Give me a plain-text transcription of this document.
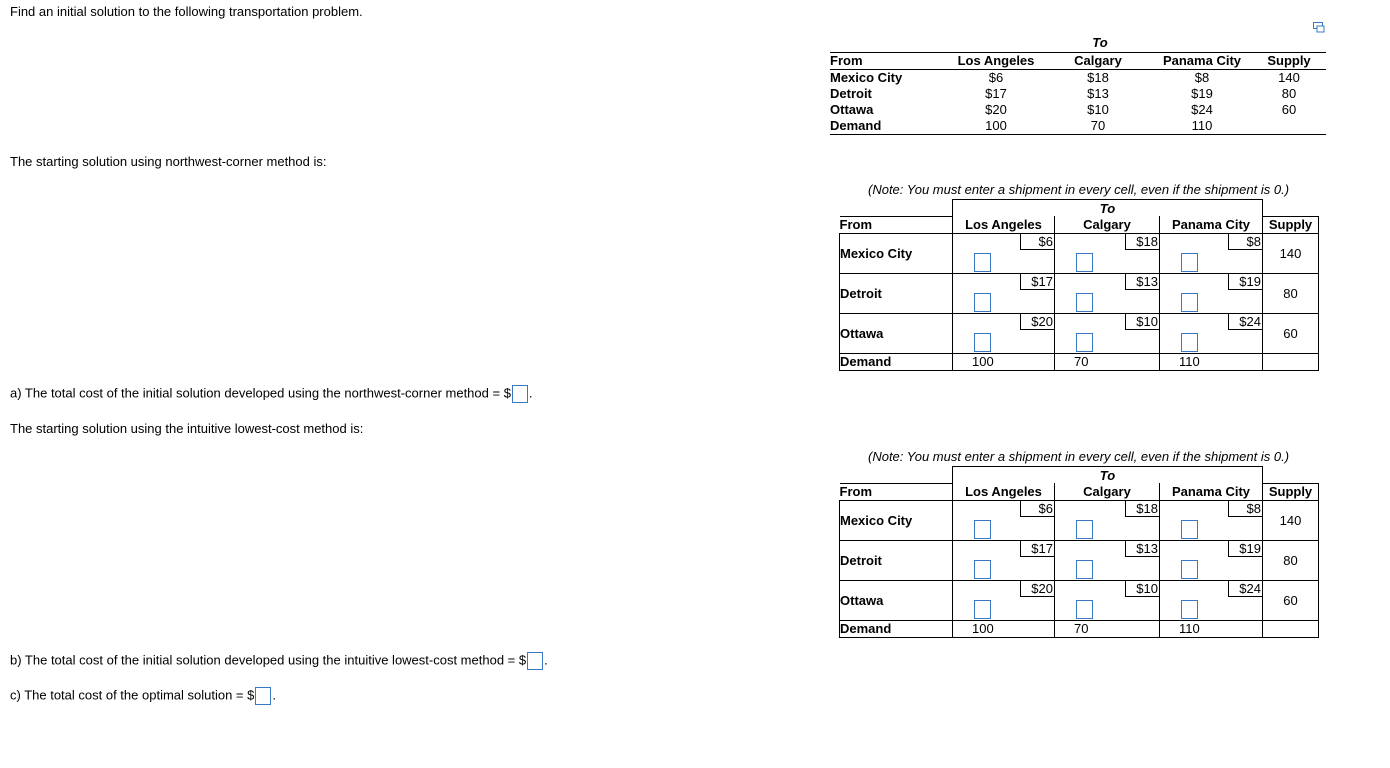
Find an initial solution to the following transportation problem.
	To			
From	Los Angeles	Calgary	Panama City	Supply
Mexico City	$6	$18	$8	140
Detroit	$17	$13	$19	80
Ottawa	$20	$10	$24	60
Demand	100	70	110	
The starting solution using northwest-corner method is:
(Note: You must enter a shipment in every cell, even if the shipment is 0.)
	To			
From	Los Angeles	Calgary	Panama City	Supply
Mexico City	$6	$18	$8	140
Detroit	$17	$13	$19	80
Ottawa	$20	$10	$24	60
Demand	100	70	110	
a) The total cost of the initial solution developed using the northwest-corner method = $ .
The starting solution using the intuitive lowest-cost method is:
(Note: You must enter a shipment in every cell, even if the shipment is 0.)
	To			
From	Los Angeles	Calgary	Panama City	Supply
Mexico City	$6	$18	$8	140
Detroit	$17	$13	$19	80
Ottawa	$20	$10	$24	60
Demand	100	70	110	
b) The total cost of the initial solution developed using the intuitive lowest-cost method = $ .
c) The total cost of the optimal solution = $ .
